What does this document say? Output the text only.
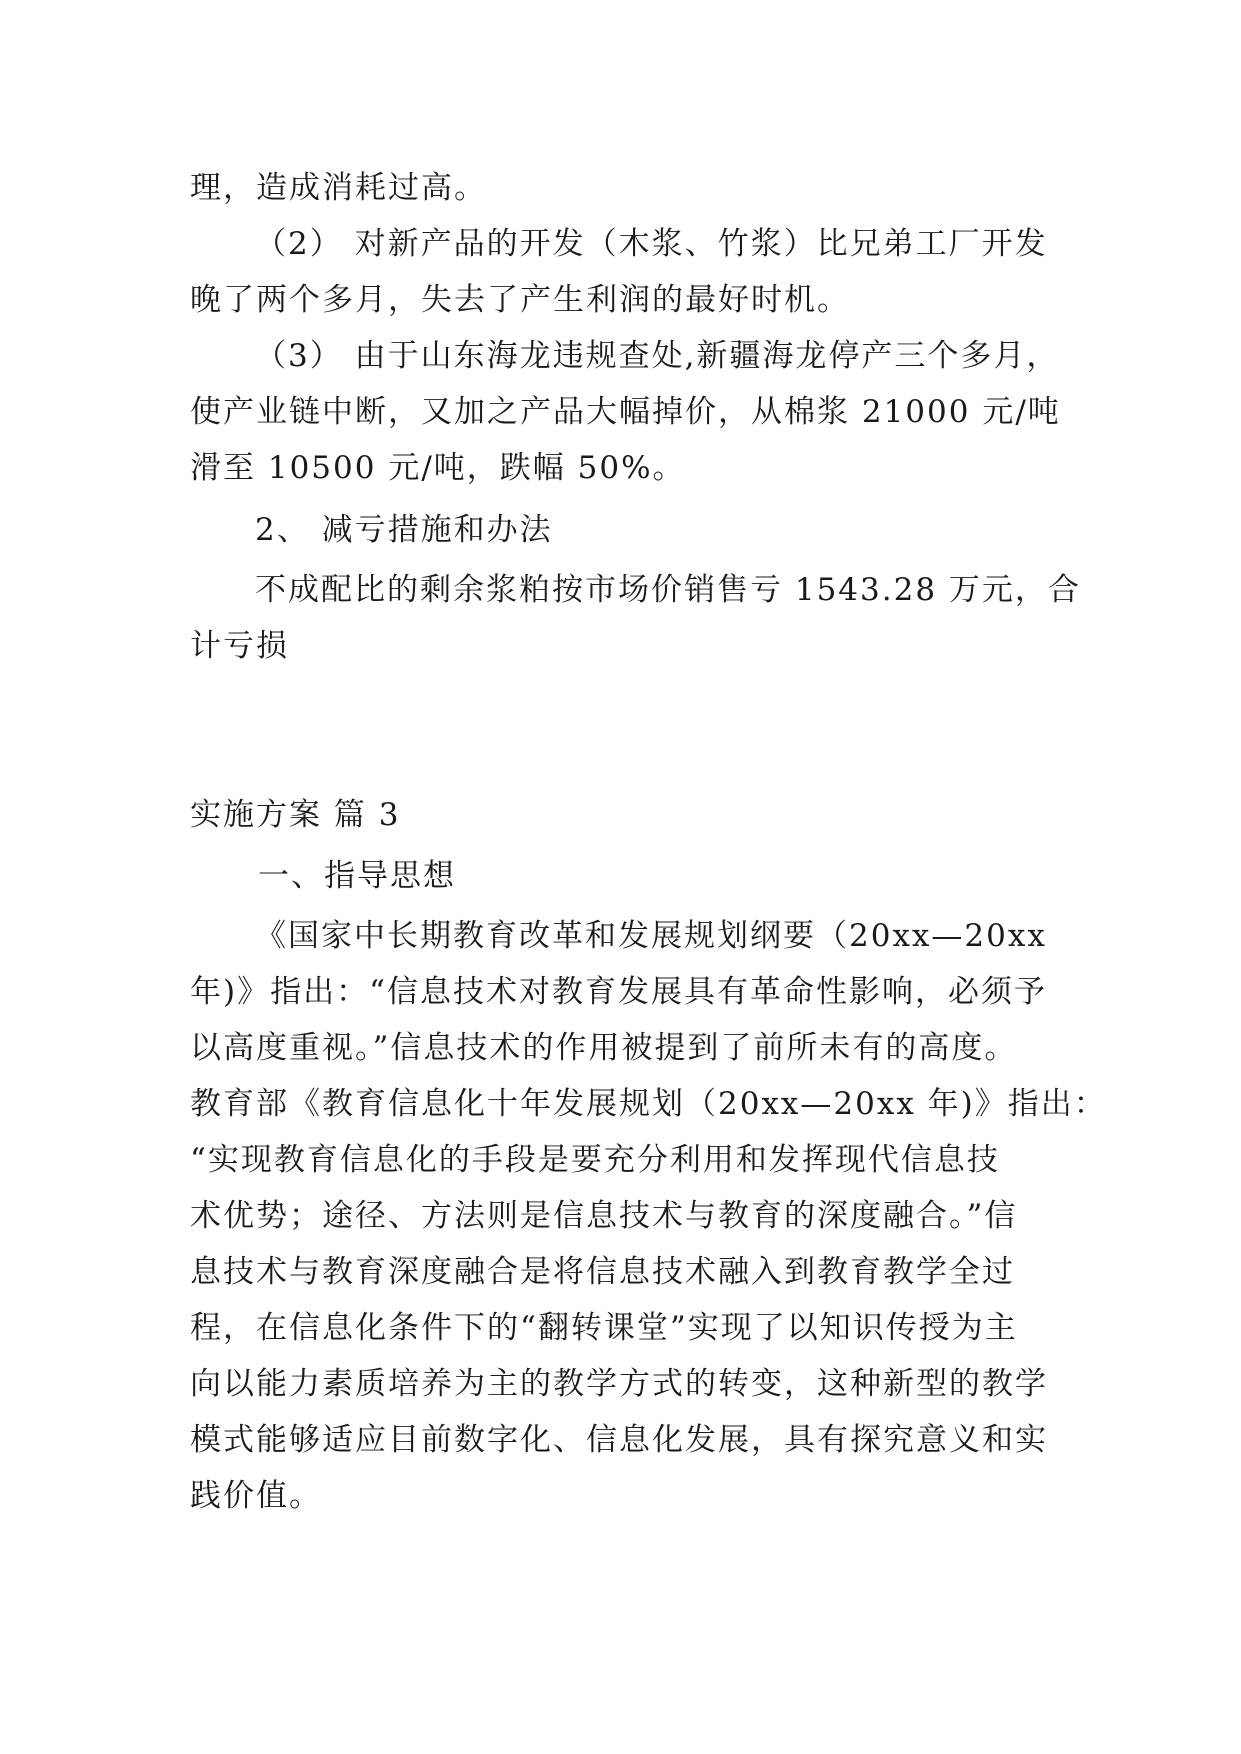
理，造成消耗过高。
（2） 对新产品的开发（木浆、竹浆）比兄弟工厂开发
晚了两个多月，失去了产生利润的最好时机。
（3） 由于山东海龙违规查处,新疆海龙停产三个多月，
使产业链中断，又加之产品大幅掉价，从棉浆 21000 元/吨
滑至 10500 元/吨，跌幅 50%。
2、 减亏措施和办法
不成配比的剩余浆粕按市场价销售亏 1543.28 万元，合
计亏损
实施方案 篇 3
一、指导思想
《国家中长期教育改革和发展规划纲要（20xx—20xx
年)》指出：“信息技术对教育发展具有革命性影响，必须予
以高度重视。”信息技术的作用被提到了前所未有的高度。
教育部《教育信息化十年发展规划（20xx—20xx 年)》指出：
“实现教育信息化的手段是要充分利用和发挥现代信息技
术优势；途径、方法则是信息技术与教育的深度融合。”信
息技术与教育深度融合是将信息技术融入到教育教学全过
程，在信息化条件下的“翻转课堂”实现了以知识传授为主
向以能力素质培养为主的教学方式的转变，这种新型的教学
模式能够适应目前数字化、信息化发展，具有探究意义和实
践价值。
